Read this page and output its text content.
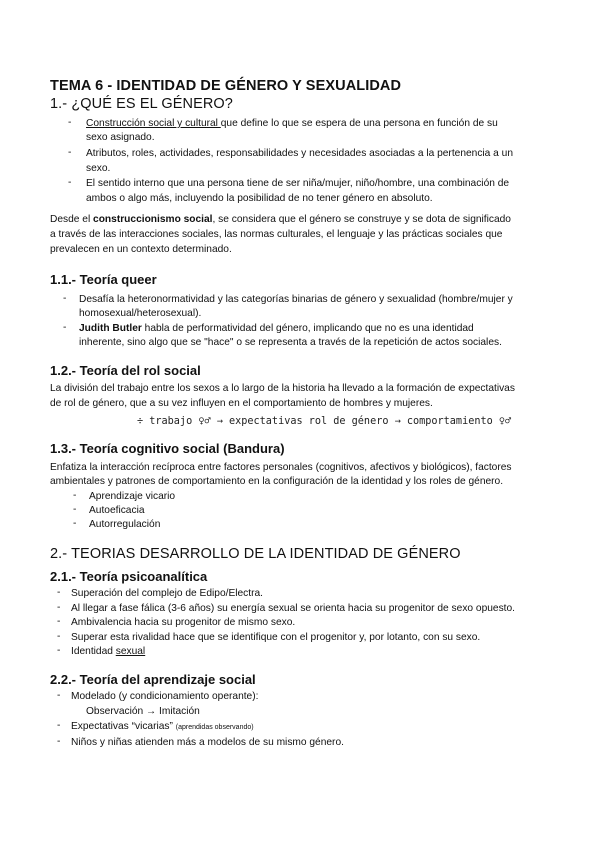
TEMA 6 - IDENTIDAD DE GÉNERO Y SEXUALIDAD
1.- ¿QUÉ ES EL GÉNERO?
- Construcción social y cultural que define lo que se espera de una persona en función de su
sexo asignado.
- Atributos, roles, actividades, responsabilidades y necesidades asociadas a la pertenencia a un
sexo.
- El sentido interno que una persona tiene de ser niña/mujer, niño/hombre, una combinación de
ambos o algo más, incluyendo la posibilidad de no tener género en absoluto.
Desde el construccionismo social, se considera que el género se construye y se dota de significado
a través de las interacciones sociales, las normas culturales, el lenguaje y las prácticas sociales que
prevalecen en un contexto determinado.
1.1.- Teoría queer
- Desafía la heteronormatividad y las categorías binarias de género y sexualidad (hombre/mujer y
homosexual/heterosexual).
- Judith Butler habla de performatividad del género, implicando que no es una identidad
inherente, sino algo que se "hace" o se representa a través de la repetición de actos sociales.
1.2.- Teoría del rol social
La división del trabajo entre los sexos a lo largo de la historia ha llevado a la formación de expectativas
de rol de género, que a su vez influyen en el comportamiento de hombres y mujeres.
÷ trabajo ♀♂ → expectativas rol de género → comportamiento ♀♂
1.3.- Teoría cognitivo social (Bandura)
Enfatiza la interacción recíproca entre factores personales (cognitivos, afectivos y biológicos), factores
ambientales y patrones de comportamiento en la configuración de la identidad y los roles de género.
- Aprendizaje vicario
- Autoeficacia
- Autorregulación
2.- TEORIAS DESARROLLO DE LA IDENTIDAD DE GÉNERO
2.1.- Teoría psicoanalítica
- Superación del complejo de Edipo/Electra.
- Al llegar a fase fálica (3-6 años) su energía sexual se orienta hacia su progenitor de sexo opuesto.
- Ambivalencia hacia su progenitor de mismo sexo.
- Superar esta rivalidad hace que se identifique con el progenitor y, por lotanto, con su sexo.
- Identidad sexual
2.2.- Teoría del aprendizaje social
- Modelado (y condicionamiento operante):
Observación → Imitación
- Expectativas “vicarias” (aprendidas observando)
- Niños y niñas atienden más a modelos de su mismo género.
